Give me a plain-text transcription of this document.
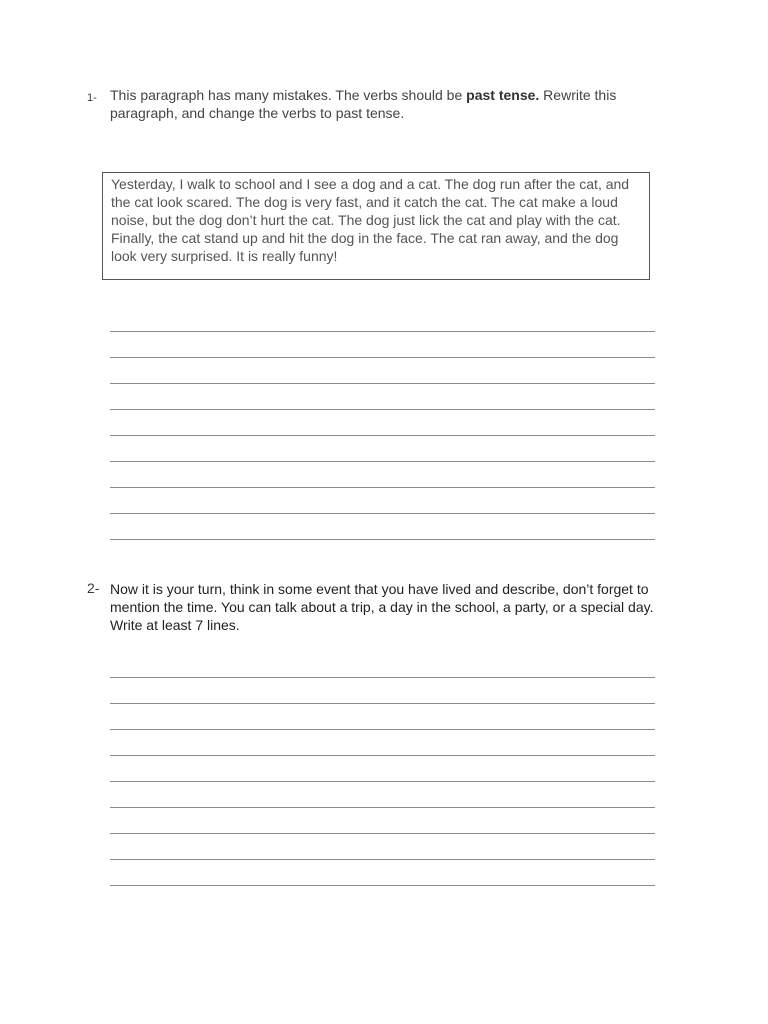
1- This paragraph has many mistakes. The verbs should be past tense. Rewrite this paragraph, and change the verbs to past tense.
Yesterday, I walk to school and I see a dog and a cat. The dog run after the cat, and the cat look scared. The dog is very fast, and it catch the cat. The cat make a loud noise, but the dog don’t hurt the cat. The dog just lick the cat and play with the cat. Finally, the cat stand up and hit the dog in the face. The cat ran away, and the dog look very surprised. It is really funny!
2- Now it is your turn, think in some event that you have lived and describe, don’t forget to mention the time. You can talk about a trip, a day in the school, a party, or a special day. Write at least 7 lines.
